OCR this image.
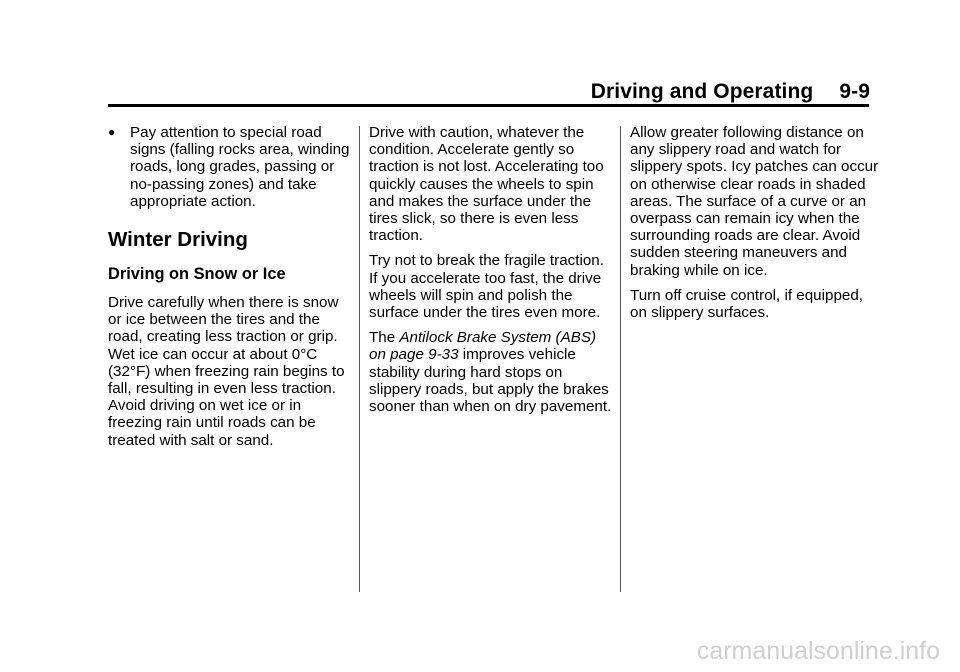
Driving and Operating 9-9
● Pay attention to special road signs (falling rocks area, winding roads, long grades, passing or no-passing zones) and take appropriate action.
Winter Driving
Driving on Snow or Ice

Drive carefully when there is snow or ice between the tires and the road, creating less traction or grip. Wet ice can occur at about 0°C (32°F) when freezing rain begins to fall, resulting in even less traction. Avoid driving on wet ice or in freezing rain until roads can be treated with salt or sand.

Drive with caution, whatever the condition. Accelerate gently so traction is not lost. Accelerating too quickly causes the wheels to spin and makes the surface under the tires slick, so there is even less traction.

Try not to break the fragile traction. If you accelerate too fast, the drive wheels will spin and polish the surface under the tires even more.

The Antilock Brake System (ABS) on page 9-33 improves vehicle stability during hard stops on slippery roads, but apply the brakes sooner than when on dry pavement.

Allow greater following distance on any slippery road and watch for slippery spots. Icy patches can occur on otherwise clear roads in shaded areas. The surface of a curve or an overpass can remain icy when the surrounding roads are clear. Avoid sudden steering maneuvers and braking while on ice.

Turn off cruise control, if equipped, on slippery surfaces.

carmanualsonline.info
